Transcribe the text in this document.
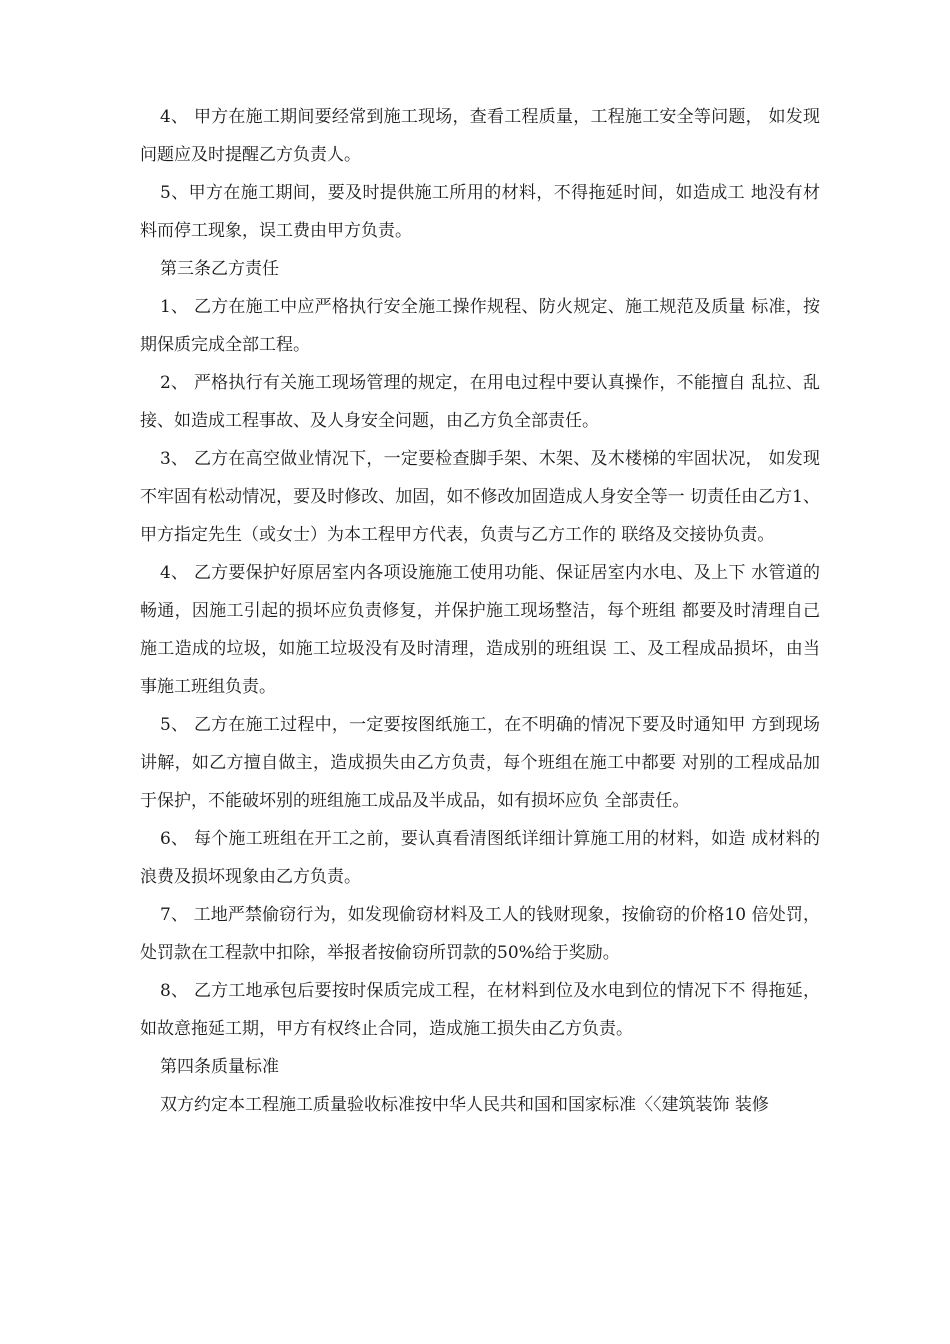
4、 甲方在施工期间要经常到施工现场，查看工程质量，工程施工安全等问题， 如发现问题应及时提醒乙方负责人。

5、甲方在施工期间，要及时提供施工所用的材料，不得拖延时间，如造成工 地没有材料而停工现象，误工费由甲方负责。

第三条乙方责任

1、 乙方在施工中应严格执行安全施工操作规程、防火规定、施工规范及质量 标准，按期保质完成全部工程。

2、 严格执行有关施工现场管理的规定，在用电过程中要认真操作，不能擅自 乱拉、乱接、如造成工程事故、及人身安全问题，由乙方负全部责任。

3、 乙方在高空做业情况下，一定要检查脚手架、木架、及木楼梯的牢固状况， 如发现不牢固有松动情况，要及时修改、加固，如不修改加固造成人身安全等一 切责任由乙方1、甲方指定先生（或女士）为本工程甲方代表，负责与乙方工作的 联络及交接协负责。

4、 乙方要保护好原居室内各项设施施工使用功能、保证居室内水电、及上下 水管道的畅通，因施工引起的损坏应负责修复，并保护施工现场整洁，每个班组 都要及时清理自己施工造成的垃圾，如施工垃圾没有及时清理，造成别的班组误 工、及工程成品损坏，由当事施工班组负责。

5、 乙方在施工过程中，一定要按图纸施工，在不明确的情况下要及时通知甲 方到现场讲解，如乙方擅自做主，造成损失由乙方负责，每个班组在施工中都要 对别的工程成品加于保护，不能破坏别的班组施工成品及半成品，如有损坏应负 全部责任。

6、 每个施工班组在开工之前，要认真看清图纸详细计算施工用的材料，如造 成材料的浪费及损坏现象由乙方负责。

7、 工地严禁偷窃行为，如发现偷窃材料及工人的钱财现象，按偷窃的价格10 倍处罚，处罚款在工程款中扣除，举报者按偷窃所罚款的50%给于奖励。

8、 乙方工地承包后要按时保质完成工程，在材料到位及水电到位的情况下不 得拖延，如故意拖延工期，甲方有权终止合同，造成施工损失由乙方负责。

第四条质量标准

双方约定本工程施工质量验收标准按中华人民共和国和国家标准〈〈建筑装饰 装修
